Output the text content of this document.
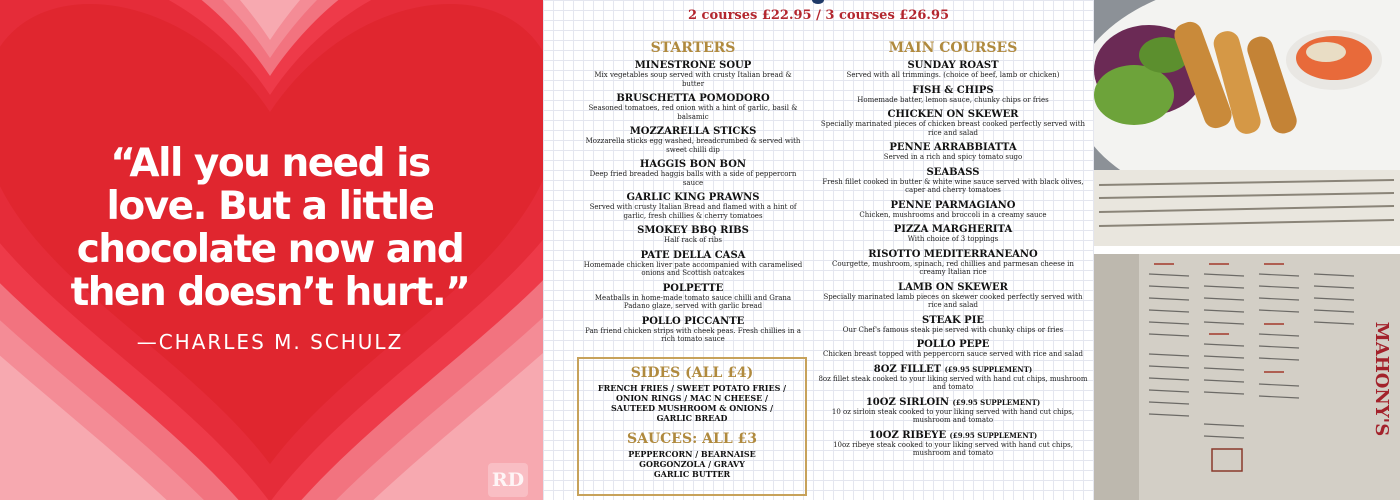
“All you need is
love. But a little
chocolate now and
then doesn’t hurt.”
—CHARLES M. SCHULZ
RD
2 courses £22.95 / 3 courses £26.95
STARTERS
MINESTRONE SOUP
Mix vegetables soup served with crusty Italian bread & butter
BRUSCHETTA POMODORO
Seasoned tomatoes, red onion with a hint of garlic, basil & balsamic
MOZZARELLA STICKS
Mozzarella sticks egg washed, breadcrumbed & served with sweet chilli dip
HAGGIS BON BON
Deep fried breaded haggis balls with a side of peppercorn sauce
GARLIC KING PRAWNS
Served with crusty Italian Bread and flamed with a hint of garlic, fresh chillies & cherry tomatoes
SMOKEY BBQ RIBS
Half rack of ribs
PATE DELLA CASA
Homemade chicken liver pate accompanied with caramelised onions and Scottish oatcakes
POLPETTE
Meatballs in home-made tomato sauce chilli and Grana Padano glaze, served with garlic bread
POLLO PICCANTE
Pan friend chicken strips with cheek peas. Fresh chillies in a rich tomato sauce
SIDES (ALL £4)
FRENCH FRIES / SWEET POTATO FRIES /
ONION RINGS / MAC N CHEESE /
SAUTEED MUSHROOM & ONIONS /
GARLIC BREAD
SAUCES: ALL £3
PEPPERCORN / BEARNAISE
GORGONZOLA / GRAVY
GARLIC BUTTER
MAIN COURSES
SUNDAY ROAST
Served with all trimmings. (choice of beef, lamb or chicken)
FISH & CHIPS
Homemade batter, lemon sauce, chunky chips or fries
CHICKEN ON SKEWER
Specially marinated pieces of chicken breast cooked perfectly served with rice and salad
PENNE ARRABBIATTA
Served in a rich and spicy tomato sugo
SEABASS
Fresh fillet cooked in butter & white wine sauce served with black olives, caper and cherry tomatoes
PENNE PARMAGIANO
Chicken, mushrooms and broccoli in a creamy sauce
PIZZA MARGHERITA
With choice of 3 toppings
RISOTTO MEDITERRANEANO
Courgette, mushroom, spinach, red chillies and parmesan cheese in creamy Italian rice
LAMB ON SKEWER
Specially marinated lamb pieces on skewer cooked perfectly served with rice and salad
STEAK PIE
Our Chef's famous steak pie served with chunky chips or fries
POLLO PEPE
Chicken breast topped with peppercorn sauce served with rice and salad
8OZ FILLET (£9.95 SUPPLEMENT)
8oz fillet steak cooked to your liking served with hand cut chips, mushroom and tomato
10OZ SIRLOIN (£9.95 SUPPLEMENT)
10 oz sirloin steak cooked to your liking served with hand cut chips, mushroom and tomato
10OZ RIBEYE (£9.95 SUPPLEMENT)
10oz ribeye steak cooked to your liking served with hand cut chips, mushroom and tomato
MAHONY'S
